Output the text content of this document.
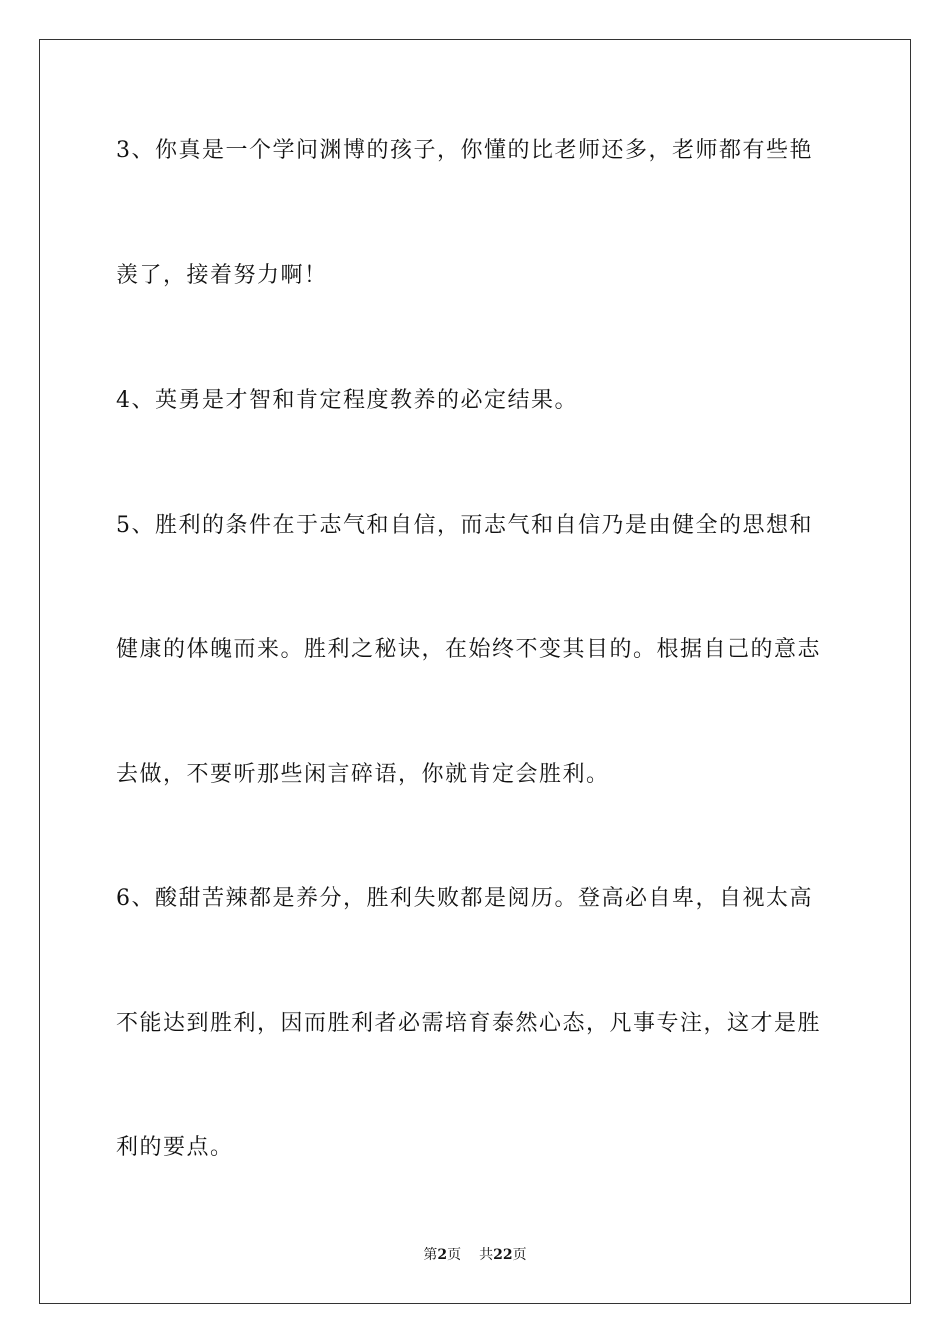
3、你真是一个学问渊博的孩子，你懂的比老师还多，老师都有些艳
羡了，接着努力啊！
4、英勇是才智和肯定程度教养的必定结果。
5、胜利的条件在于志气和自信，而志气和自信乃是由健全的思想和
健康的体魄而来。胜利之秘诀，在始终不变其目的。根据自己的意志
去做，不要听那些闲言碎语，你就肯定会胜利。
6、酸甜苦辣都是养分，胜利失败都是阅历。登高必自卑，自视太高
不能达到胜利，因而胜利者必需培育泰然心态，凡事专注，这才是胜
利的要点。
第2页 共22页
